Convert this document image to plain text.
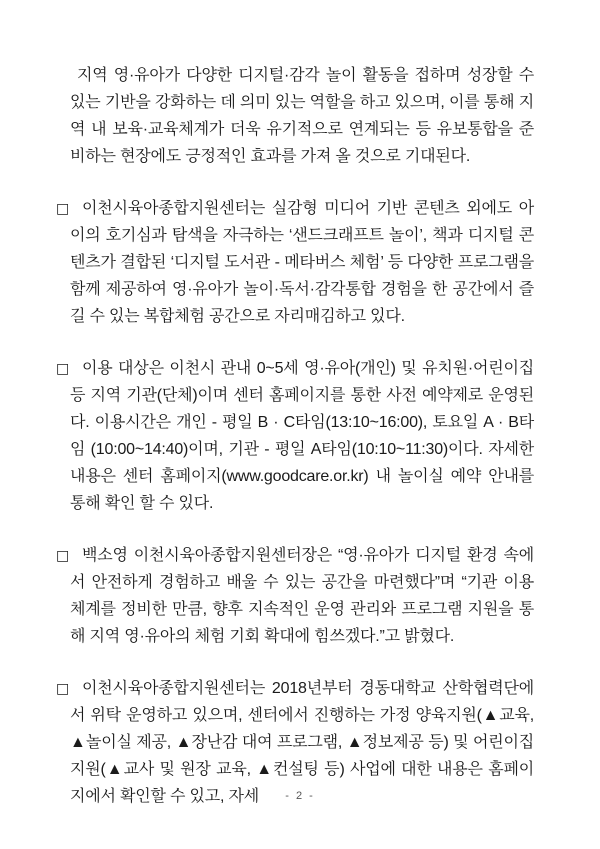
지역 영·유아가 다양한 디지털·감각 놀이 활동을 접하며 성장할 수 있는 기반을 강화하는 데 의미 있는 역할을 하고 있으며, 이를 통해 지역 내 보육·교육체계가 더욱 유기적으로 연계되는 등 유보통합을 준비하는 현장에도 긍정적인 효과를 가져 올 것으로 기대된다.

□ 이천시육아종합지원센터는 실감형 미디어 기반 콘텐츠 외에도 아이의 호기심과 탐색을 자극하는 ‘샌드크래프트 놀이’, 책과 디지털 콘텐츠가 결합된 ‘디지털 도서관 - 메타버스 체험’ 등 다양한 프로그램을 함께 제공하여 영·유아가 놀이·독서·감각통합 경험을 한 공간에서 즐길 수 있는 복합체험 공간으로 자리매김하고 있다.

□ 이용 대상은 이천시 관내 0~5세 영·유아(개인) 및 유치원·어린이집 등 지역 기관(단체)이며 센터 홈페이지를 통한 사전 예약제로 운영된다. 이용시간은 개인 - 평일 B · C타임(13:10~16:00), 토요일 A · B타임 (10:00~14:40)이며, 기관 - 평일 A타임(10:10~11:30)이다. 자세한 내용은 센터 홈페이지(www.goodcare.or.kr) 내 놀이실 예약 안내를 통해 확인 할 수 있다.

□ 백소영 이천시육아종합지원센터장은 “영·유아가 디지털 환경 속에서 안전하게 경험하고 배울 수 있는 공간을 마련했다”며 “기관 이용 체계를 정비한 만큼, 향후 지속적인 운영 관리와 프로그램 지원을 통해 지역 영·유아의 체험 기회 확대에 힘쓰겠다.”고 밝혔다.

□ 이천시육아종합지원센터는 2018년부터 경동대학교 산학협력단에서 위탁 운영하고 있으며, 센터에서 진행하는 가정 양육지원(▲교육, ▲놀이실 제공, ▲장난감 대여 프로그램, ▲정보제공 등) 및 어린이집 지원(▲교사 및 원장 교육, ▲컨설팅 등) 사업에 대한 내용은 홈페이지에서 확인할 수 있고, 자세	- 2 -
